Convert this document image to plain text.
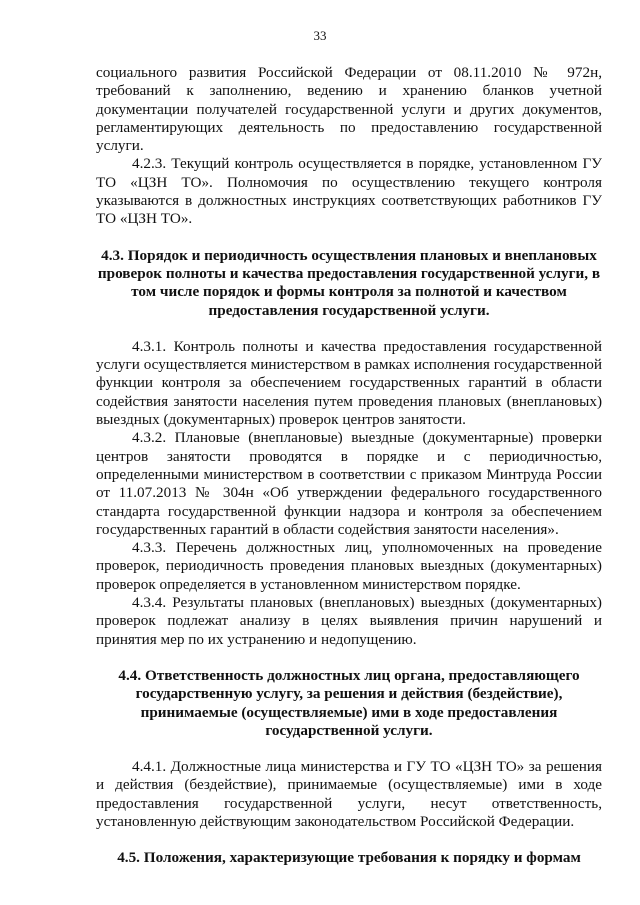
33

социального развития Российской Федерации от 08.11.2010 № 972н, требований к заполнению, ведению и хранению бланков учетной документации получателей государственной услуги и других документов, регламентирующих деятельность по предоставлению государственной услуги.

4.2.3. Текущий контроль осуществляется в порядке, установленном ГУ ТО «ЦЗН ТО». Полномочия по осуществлению текущего контроля указываются в должностных инструкциях соответствующих работников ГУ ТО «ЦЗН ТО».

4.3. Порядок и периодичность осуществления плановых и внеплановых проверок полноты и качества предоставления государственной услуги, в том числе порядок и формы контроля за полнотой и качеством предоставления государственной услуги.

4.3.1. Контроль полноты и качества предоставления государственной услуги осуществляется министерством в рамках исполнения государственной функции контроля за обеспечением государственных гарантий в области содействия занятости населения путем проведения плановых (внеплановых) выездных (документарных) проверок центров занятости.

4.3.2. Плановые (внеплановые) выездные (документарные) проверки центров занятости проводятся в порядке и с периодичностью, определенными министерством в соответствии с приказом Минтруда России от 11.07.2013 № 304н «Об утверждении федерального государственного стандарта государственной функции надзора и контроля за обеспечением государственных гарантий в области содействия занятости населения».

4.3.3. Перечень должностных лиц, уполномоченных на проведение проверок, периодичность проведения плановых выездных (документарных) проверок определяется в установленном министерством порядке.

4.3.4. Результаты плановых (внеплановых) выездных (документарных) проверок подлежат анализу в целях выявления причин нарушений и принятия мер по их устранению и недопущению.

4.4. Ответственность должностных лиц органа, предоставляющего государственную услугу, за решения и действия (бездействие), принимаемые (осуществляемые) ими в ходе предоставления государственной услуги.

4.4.1. Должностные лица министерства и ГУ ТО «ЦЗН ТО» за решения и действия (бездействие), принимаемые (осуществляемые) ими в ходе предоставления государственной услуги, несут ответственность, установленную действующим законодательством Российской Федерации.

4.5. Положения, характеризующие требования к порядку и формам
